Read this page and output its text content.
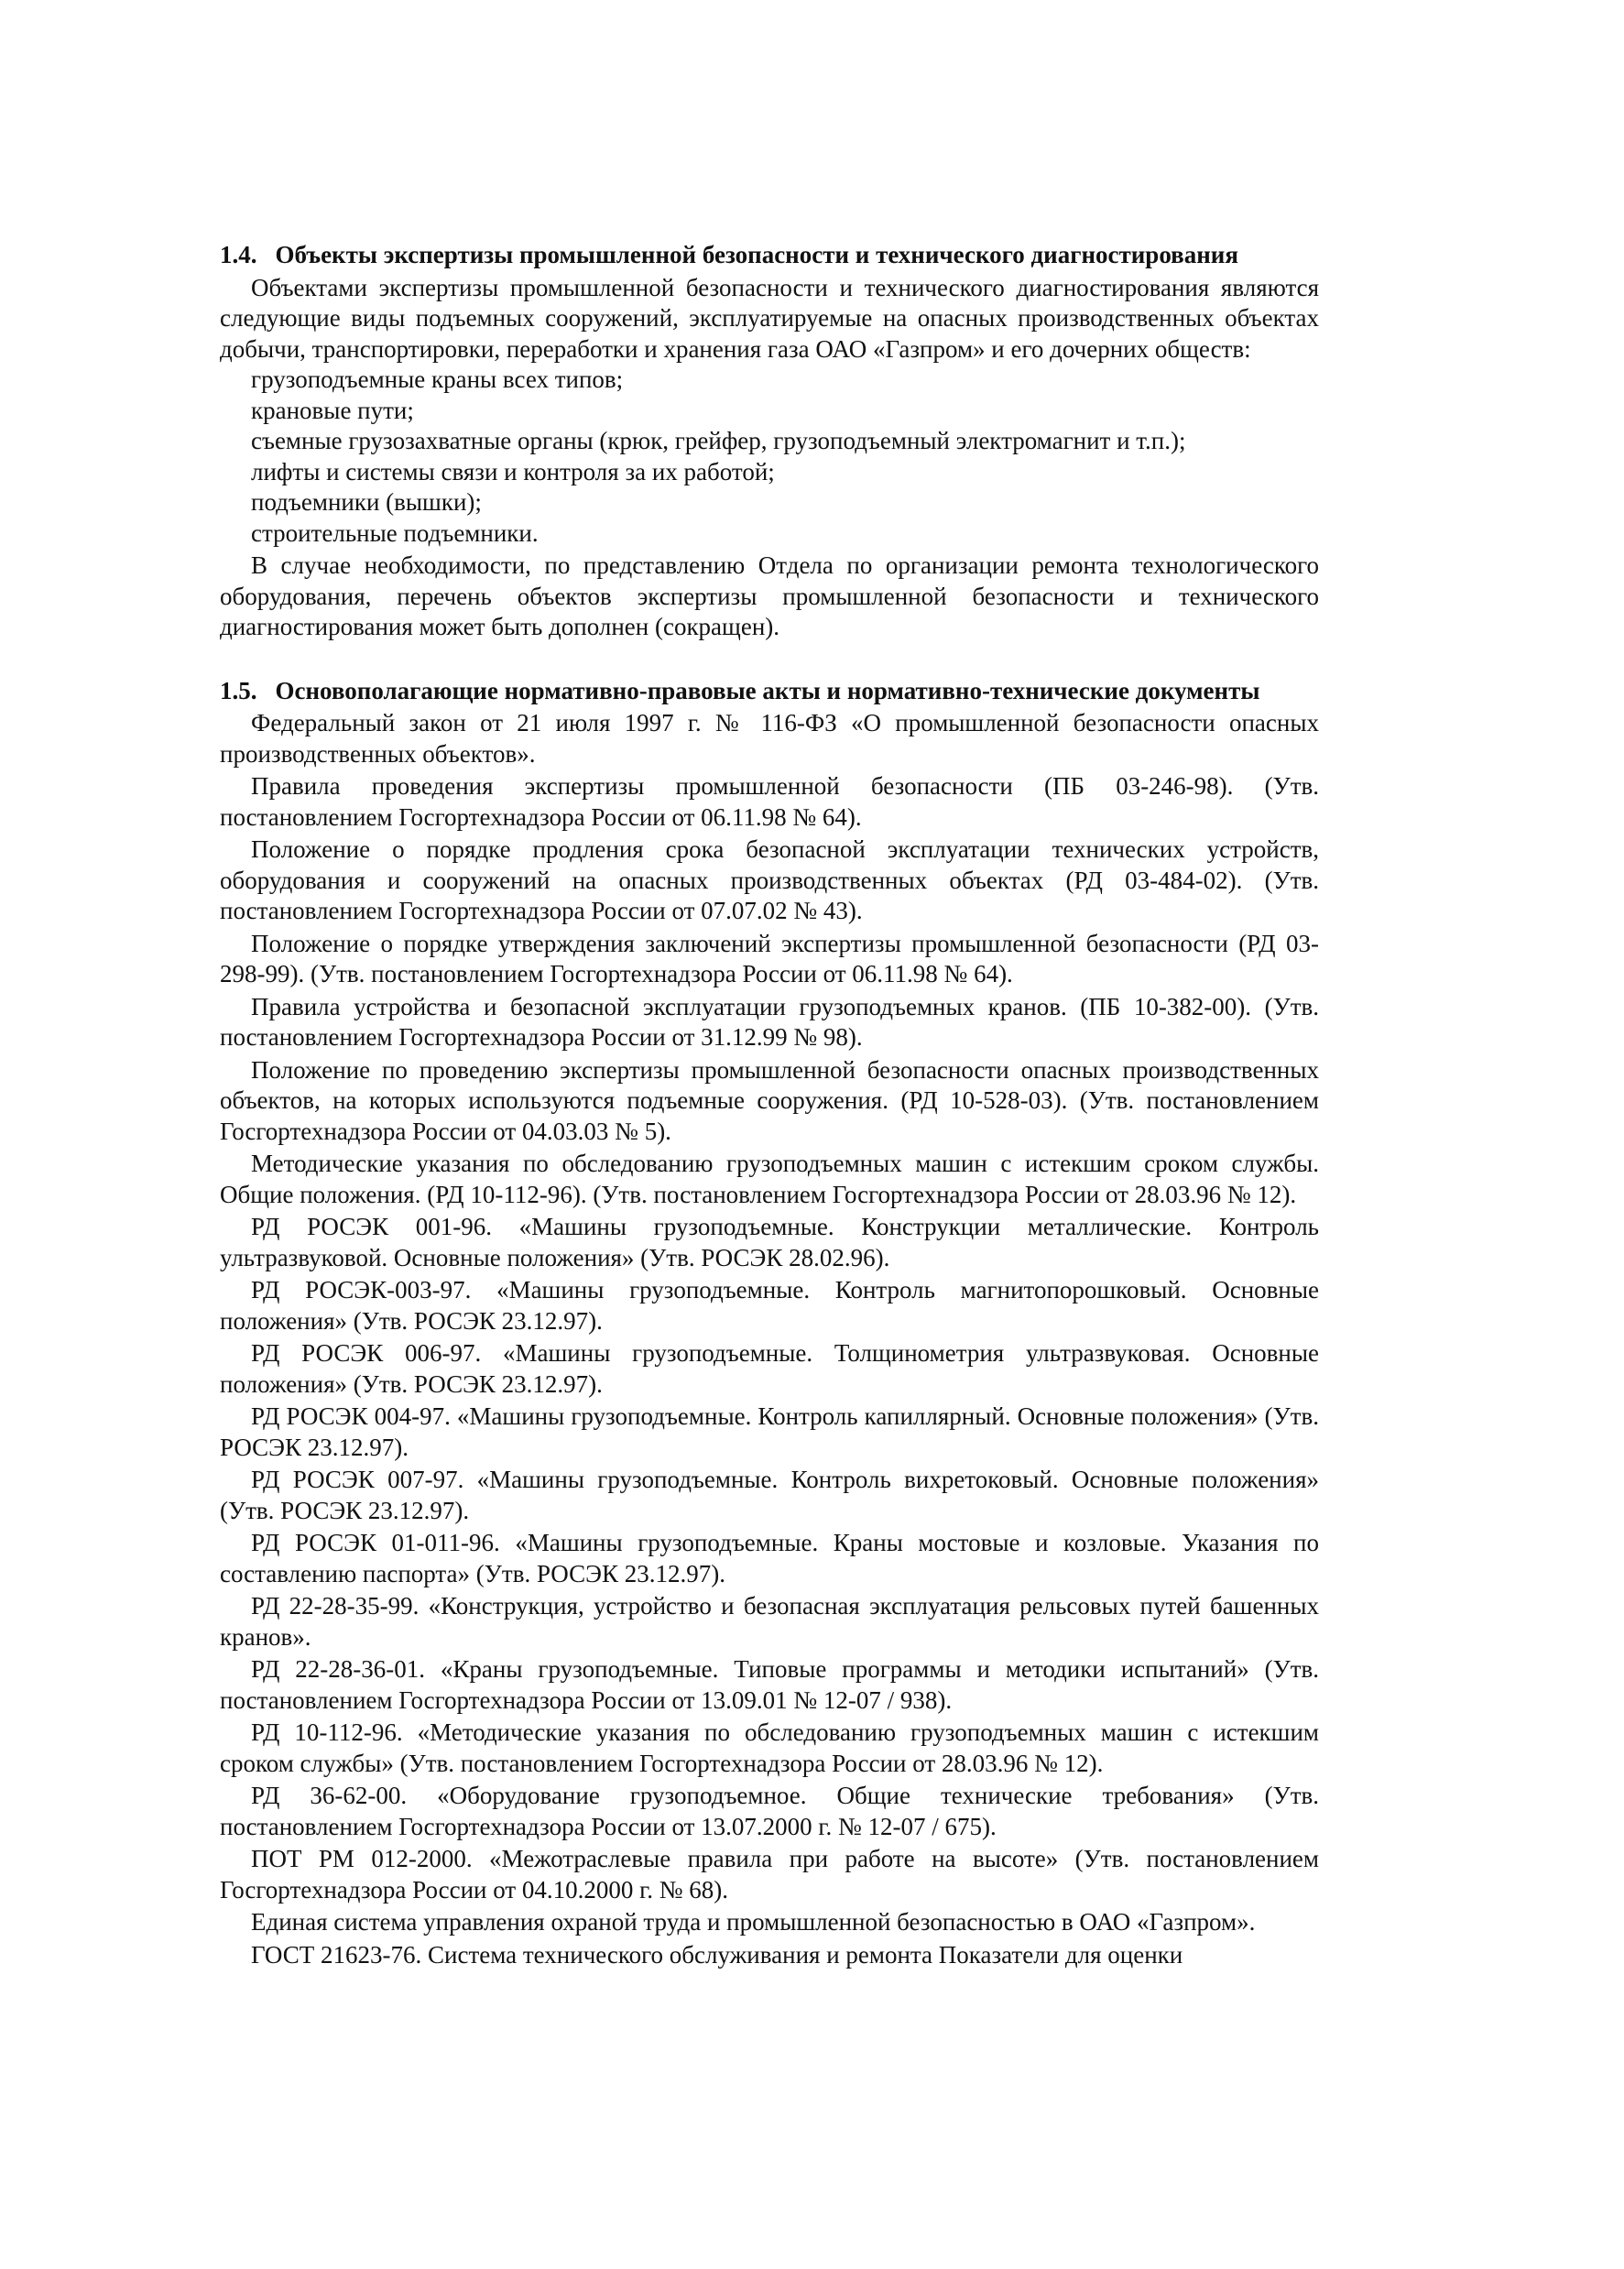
1.4. Объекты экспертизы промышленной безопасности и технического диагностирования

Объектами экспертизы промышленной безопасности и технического диагностирования являются следующие виды подъемных сооружений, эксплуатируемые на опасных производственных объектах добычи, транспортировки, переработки и хранения газа ОАО «Газпром» и его дочерних обществ:

грузоподъемные краны всех типов;

крановые пути;

съемные грузозахватные органы (крюк, грейфер, грузоподъемный электромагнит и т.п.);

лифты и системы связи и контроля за их работой;

подъемники (вышки);

строительные подъемники.

В случае необходимости, по представлению Отдела по организации ремонта технологического оборудования, перечень объектов экспертизы промышленной безопасности и технического диагностирования может быть дополнен (сокращен).

1.5. Основополагающие нормативно-правовые акты и нормативно-технические документы

Федеральный закон от 21 июля 1997 г. № 116-ФЗ «О промышленной безопасности опасных производственных объектов».

Правила проведения экспертизы промышленной безопасности (ПБ 03-246-98). (Утв. постановлением Госгортехнадзора России от 06.11.98 № 64).

Положение о порядке продления срока безопасной эксплуатации технических устройств, оборудования и сооружений на опасных производственных объектах (РД 03-484-02). (Утв. постановлением Госгортехнадзора России от 07.07.02 № 43).

Положение о порядке утверждения заключений экспертизы промышленной безопасности (РД 03-298-99). (Утв. постановлением Госгортехнадзора России от 06.11.98 № 64).

Правила устройства и безопасной эксплуатации грузоподъемных кранов. (ПБ 10-382-00). (Утв. постановлением Госгортехнадзора России от 31.12.99 № 98).

Положение по проведению экспертизы промышленной безопасности опасных производственных объектов, на которых используются подъемные сооружения. (РД 10-528-03). (Утв. постановлением Госгортехнадзора России от 04.03.03 № 5).

Методические указания по обследованию грузоподъемных машин с истекшим сроком службы. Общие положения. (РД 10-112-96). (Утв. постановлением Госгортехнадзора России от 28.03.96 № 12).

РД РОСЭК 001-96. «Машины грузоподъемные. Конструкции металлические. Контроль ультразвуковой. Основные положения» (Утв. РОСЭК 28.02.96).

РД РОСЭК-003-97. «Машины грузоподъемные. Контроль магнитопорошковый. Основные положения» (Утв. РОСЭК 23.12.97).

РД РОСЭК 006-97. «Машины грузоподъемные. Толщинометрия ультразвуковая. Основные положения» (Утв. РОСЭК 23.12.97).

РД РОСЭК 004-97. «Машины грузоподъемные. Контроль капиллярный. Основные положения» (Утв. РОСЭК 23.12.97).

РД РОСЭК 007-97. «Машины грузоподъемные. Контроль вихретоковый. Основные положения» (Утв. РОСЭК 23.12.97).

РД РОСЭК 01-011-96. «Машины грузоподъемные. Краны мостовые и козловые. Указания по составлению паспорта» (Утв. РОСЭК 23.12.97).

РД 22-28-35-99. «Конструкция, устройство и безопасная эксплуатация рельсовых путей башенных кранов».

РД 22-28-36-01. «Краны грузоподъемные. Типовые программы и методики испытаний» (Утв. постановлением Госгортехнадзора России от 13.09.01 № 12-07 / 938).

РД 10-112-96. «Методические указания по обследованию грузоподъемных машин с истекшим сроком службы» (Утв. постановлением Госгортехнадзора России от 28.03.96 № 12).

РД 36-62-00. «Оборудование грузоподъемное. Общие технические требования» (Утв. постановлением Госгортехнадзора России от 13.07.2000 г. № 12-07 / 675).

ПОТ РМ 012-2000. «Межотраслевые правила при работе на высоте» (Утв. постановлением Госгортехнадзора России от 04.10.2000 г. № 68).

Единая система управления охраной труда и промышленной безопасностью в ОАО «Газпром».

ГОСТ 21623-76. Система технического обслуживания и ремонта Показатели для оценки
